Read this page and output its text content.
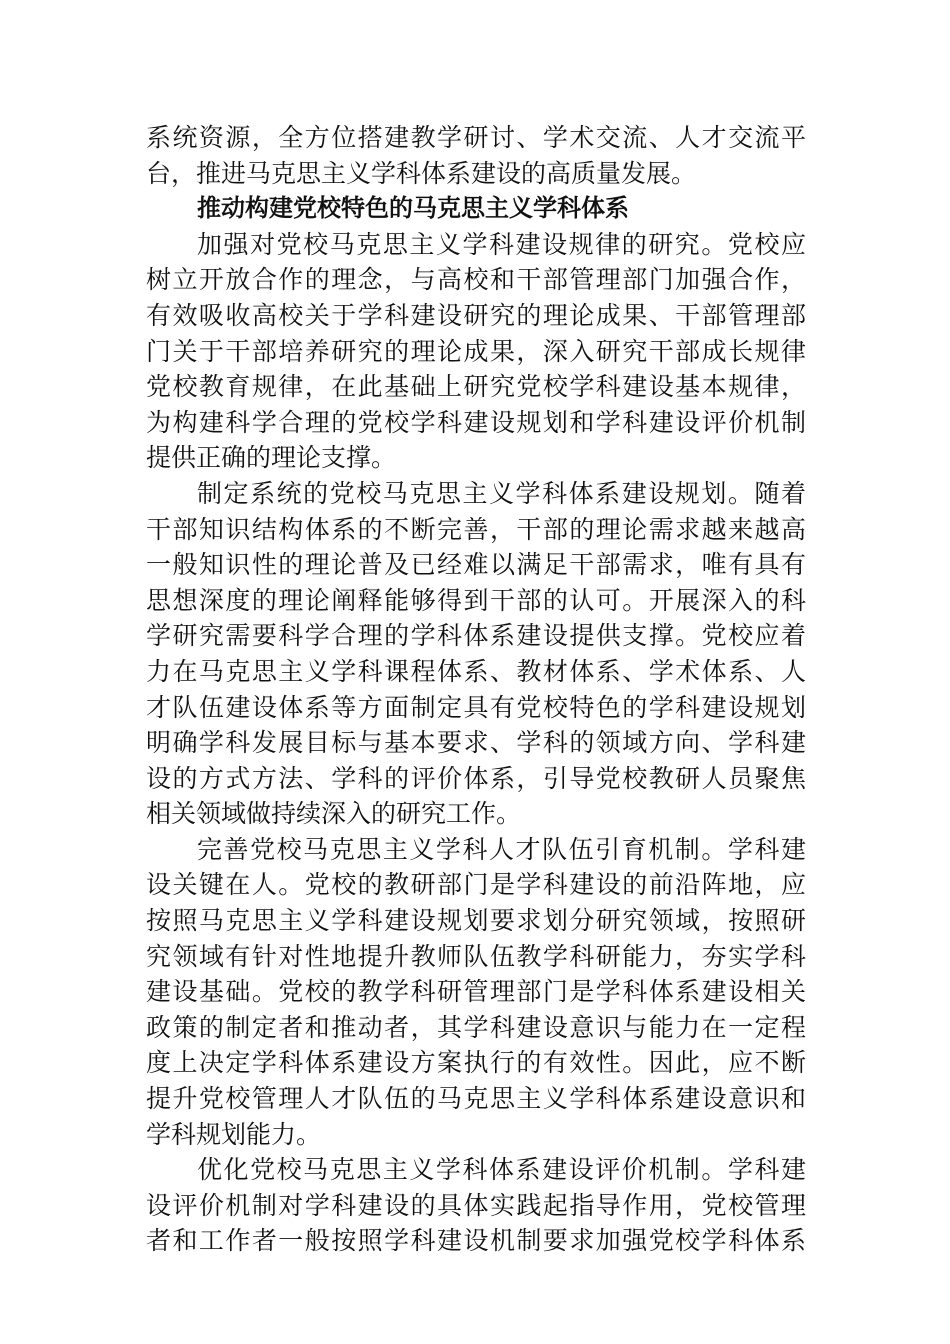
系统资源，全方位搭建教学研讨、学术交流、人才交流平
台，推进马克思主义学科体系建设的高质量发展。
推动构建党校特色的马克思主义学科体系
加强对党校马克思主义学科建设规律的研究。党校应
树立开放合作的理念，与高校和干部管理部门加强合作，
有效吸收高校关于学科建设研究的理论成果、干部管理部
门关于干部培养研究的理论成果，深入研究干部成长规律
党校教育规律，在此基础上研究党校学科建设基本规律，
为构建科学合理的党校学科建设规划和学科建设评价机制
提供正确的理论支撑。
制定系统的党校马克思主义学科体系建设规划。随着
干部知识结构体系的不断完善，干部的理论需求越来越高
一般知识性的理论普及已经难以满足干部需求，唯有具有
思想深度的理论阐释能够得到干部的认可。开展深入的科
学研究需要科学合理的学科体系建设提供支撑。党校应着
力在马克思主义学科课程体系、教材体系、学术体系、人
才队伍建设体系等方面制定具有党校特色的学科建设规划
明确学科发展目标与基本要求、学科的领域方向、学科建
设的方式方法、学科的评价体系，引导党校教研人员聚焦
相关领域做持续深入的研究工作。
完善党校马克思主义学科人才队伍引育机制。学科建
设关键在人。党校的教研部门是学科建设的前沿阵地，应
按照马克思主义学科建设规划要求划分研究领域，按照研
究领域有针对性地提升教师队伍教学科研能力，夯实学科
建设基础。党校的教学科研管理部门是学科体系建设相关
政策的制定者和推动者，其学科建设意识与能力在一定程
度上决定学科体系建设方案执行的有效性。因此，应不断
提升党校管理人才队伍的马克思主义学科体系建设意识和
学科规划能力。
优化党校马克思主义学科体系建设评价机制。学科建
设评价机制对学科建设的具体实践起指导作用，党校管理
者和工作者一般按照学科建设机制要求加强党校学科体系
